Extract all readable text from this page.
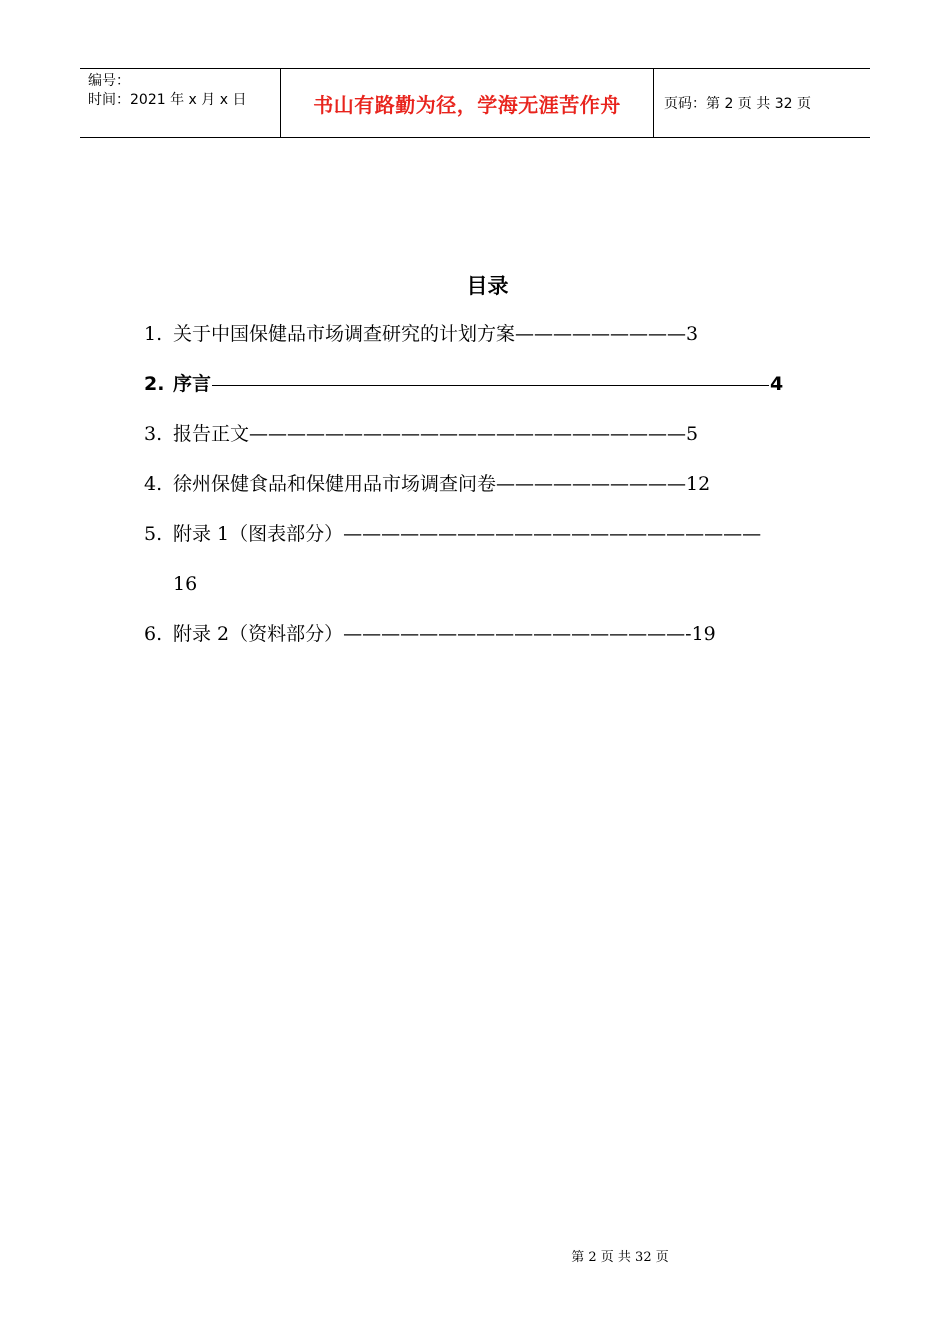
编号：
时间：2021 年 x 月 x 日	书山有路勤为径，学海无涯苦作舟	页码：第 2 页 共 32 页
目录
1. 关于中国保健品市场调查研究的计划方案—————————3
2. 序言	4
3. 报告正文———————————————————————5
4. 徐州保健食品和保健用品市场调查问卷——————————12
5. 附录 1（图表部分）——————————————————————
16
6. 附录 2（资料部分）——————————————————-19
第 2 页 共 32 页
